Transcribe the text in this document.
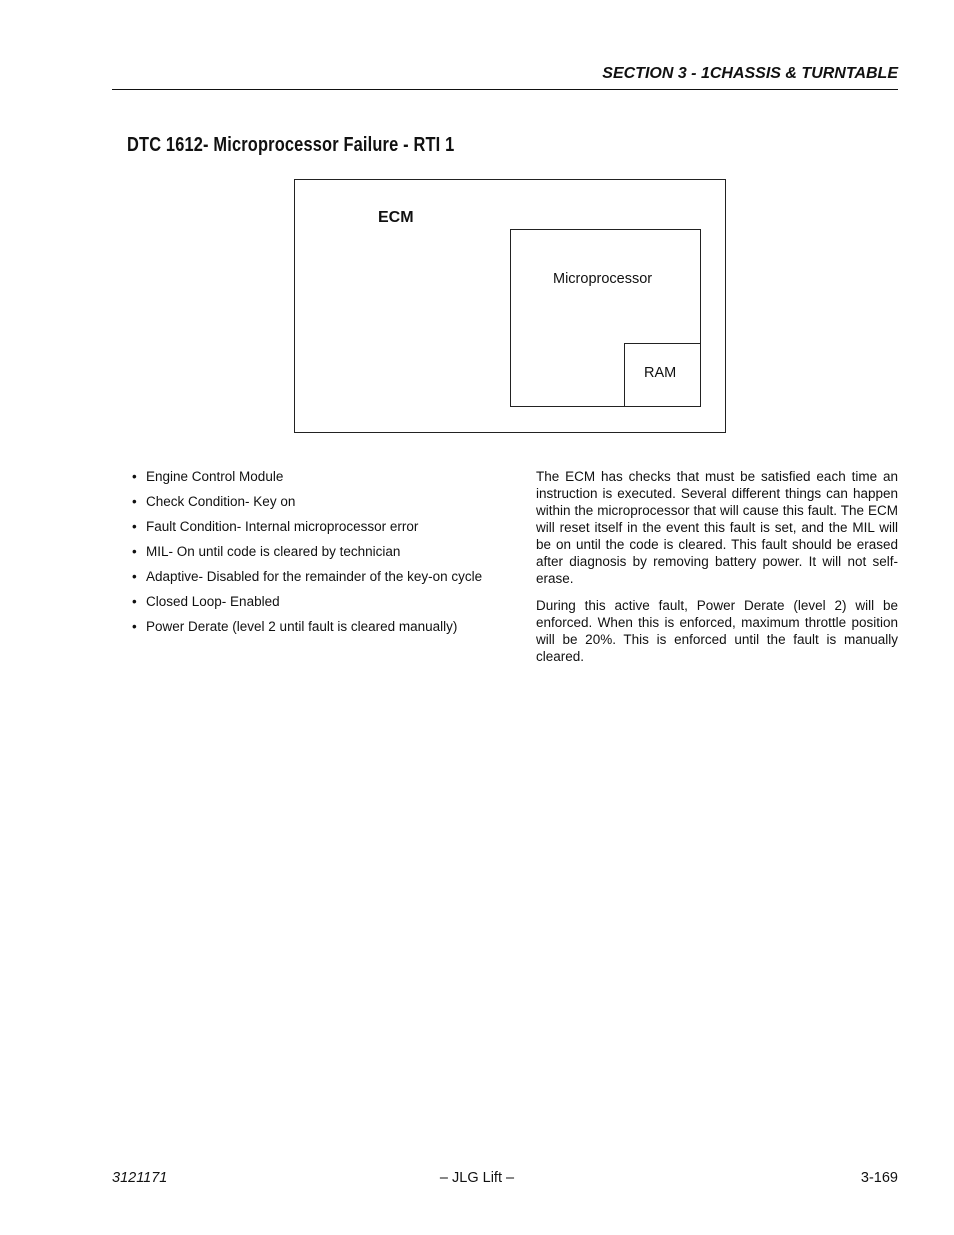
SECTION 3 - 1CHASSIS & TURNTABLE
DTC 1612- Microprocessor Failure - RTI 1
ECM
Microprocessor
RAM
• Engine Control Module
• Check Condition- Key on
• Fault Condition- Internal microprocessor error
• MIL- On until code is cleared by technician
• Adaptive- Disabled for the remainder of the key-on cycle
• Closed Loop- Enabled
• Power Derate (level 2 until fault is cleared manually)

The ECM has checks that must be satisfied each time an instruction is executed. Several different things can happen within the microprocessor that will cause this fault. The ECM will reset itself in the event this fault is set, and the MIL will be on until the code is cleared. This fault should be erased after diagnosis by removing battery power. It will not self-erase.

During this active fault, Power Derate (level 2) will be enforced. When this is enforced, maximum throttle position will be 20%. This is enforced until the fault is manually cleared.

3121171	– JLG Lift –	3-169
